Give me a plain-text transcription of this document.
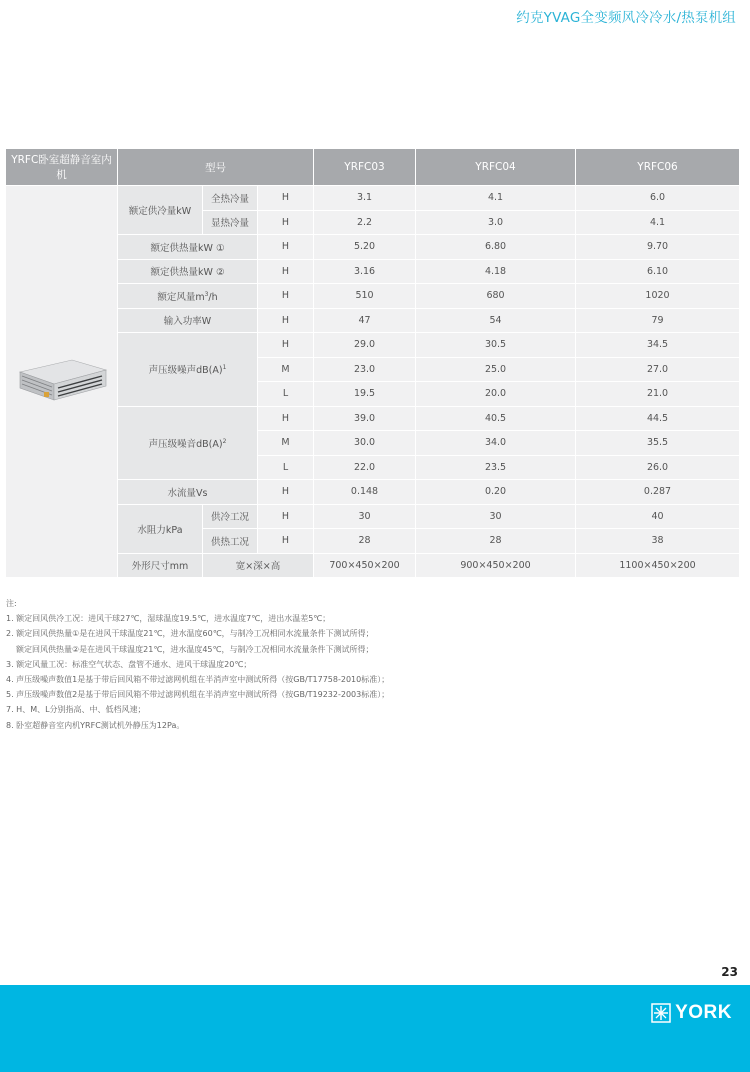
约克YVAG全变频风冷冷水/热泵机组
YRFC卧室超静音室内机	型号			YRFC03	YRFC04	YRFC06
	额定供冷量kW	全热冷量	H	3.1	4.1	6.0
		显热冷量	H	2.2	3.0	4.1
	额定供热量kW ①		H	5.20	6.80	9.70
	额定供热量kW ②		H	3.16	4.18	6.10
	额定风量$m^3/h$		H	510	680	1020
	输入功率W		H	47	54	79
	声压级噪声$dB(A)^1$		H	29.0	30.5	34.5
			M	23.0	25.0	27.0
			L	19.5	20.0	21.0
	声压级噪音$dB(A)^2$		H	39.0	40.5	44.5
			M	30.0	34.0	35.5
			L	22.0	23.5	26.0
	水流量Vs		H	0.148	0.20	0.287
	水阻力kPa	供冷工况	H	30	30	40
		供热工况	H	28	28	38
	外形尺寸mm	宽×深×高		700×450×200	900×450×200	1100×450×200
注:
1. 额定回风供冷工况：进风干球27℃，湿球温度19.5℃，进水温度7℃，进出水温差5℃；
2. 额定回风供热量①是在进风干球温度21℃，进水温度60℃，与制冷工况相同水流量条件下测试所得；
额定回风供热量②是在进风干球温度21℃，进水温度45℃，与制冷工况相同水流量条件下测试所得；
3. 额定风量工况：标准空气状态、盘管不通水、进风干球温度20℃；
4. 声压级噪声数值1是基于带后回风箱不带过滤网机组在半消声室中测试所得（按GB/T17758-2010标准）；
5. 声压级噪声数值2是基于带后回风箱不带过滤网机组在半消声室中测试所得（按GB/T19232-2003标准）；
7. H、M、L分别指高、中、低档风速；
8. 卧室超静音室内机YRFC测试机外静压为12Pa。
23
YORK
